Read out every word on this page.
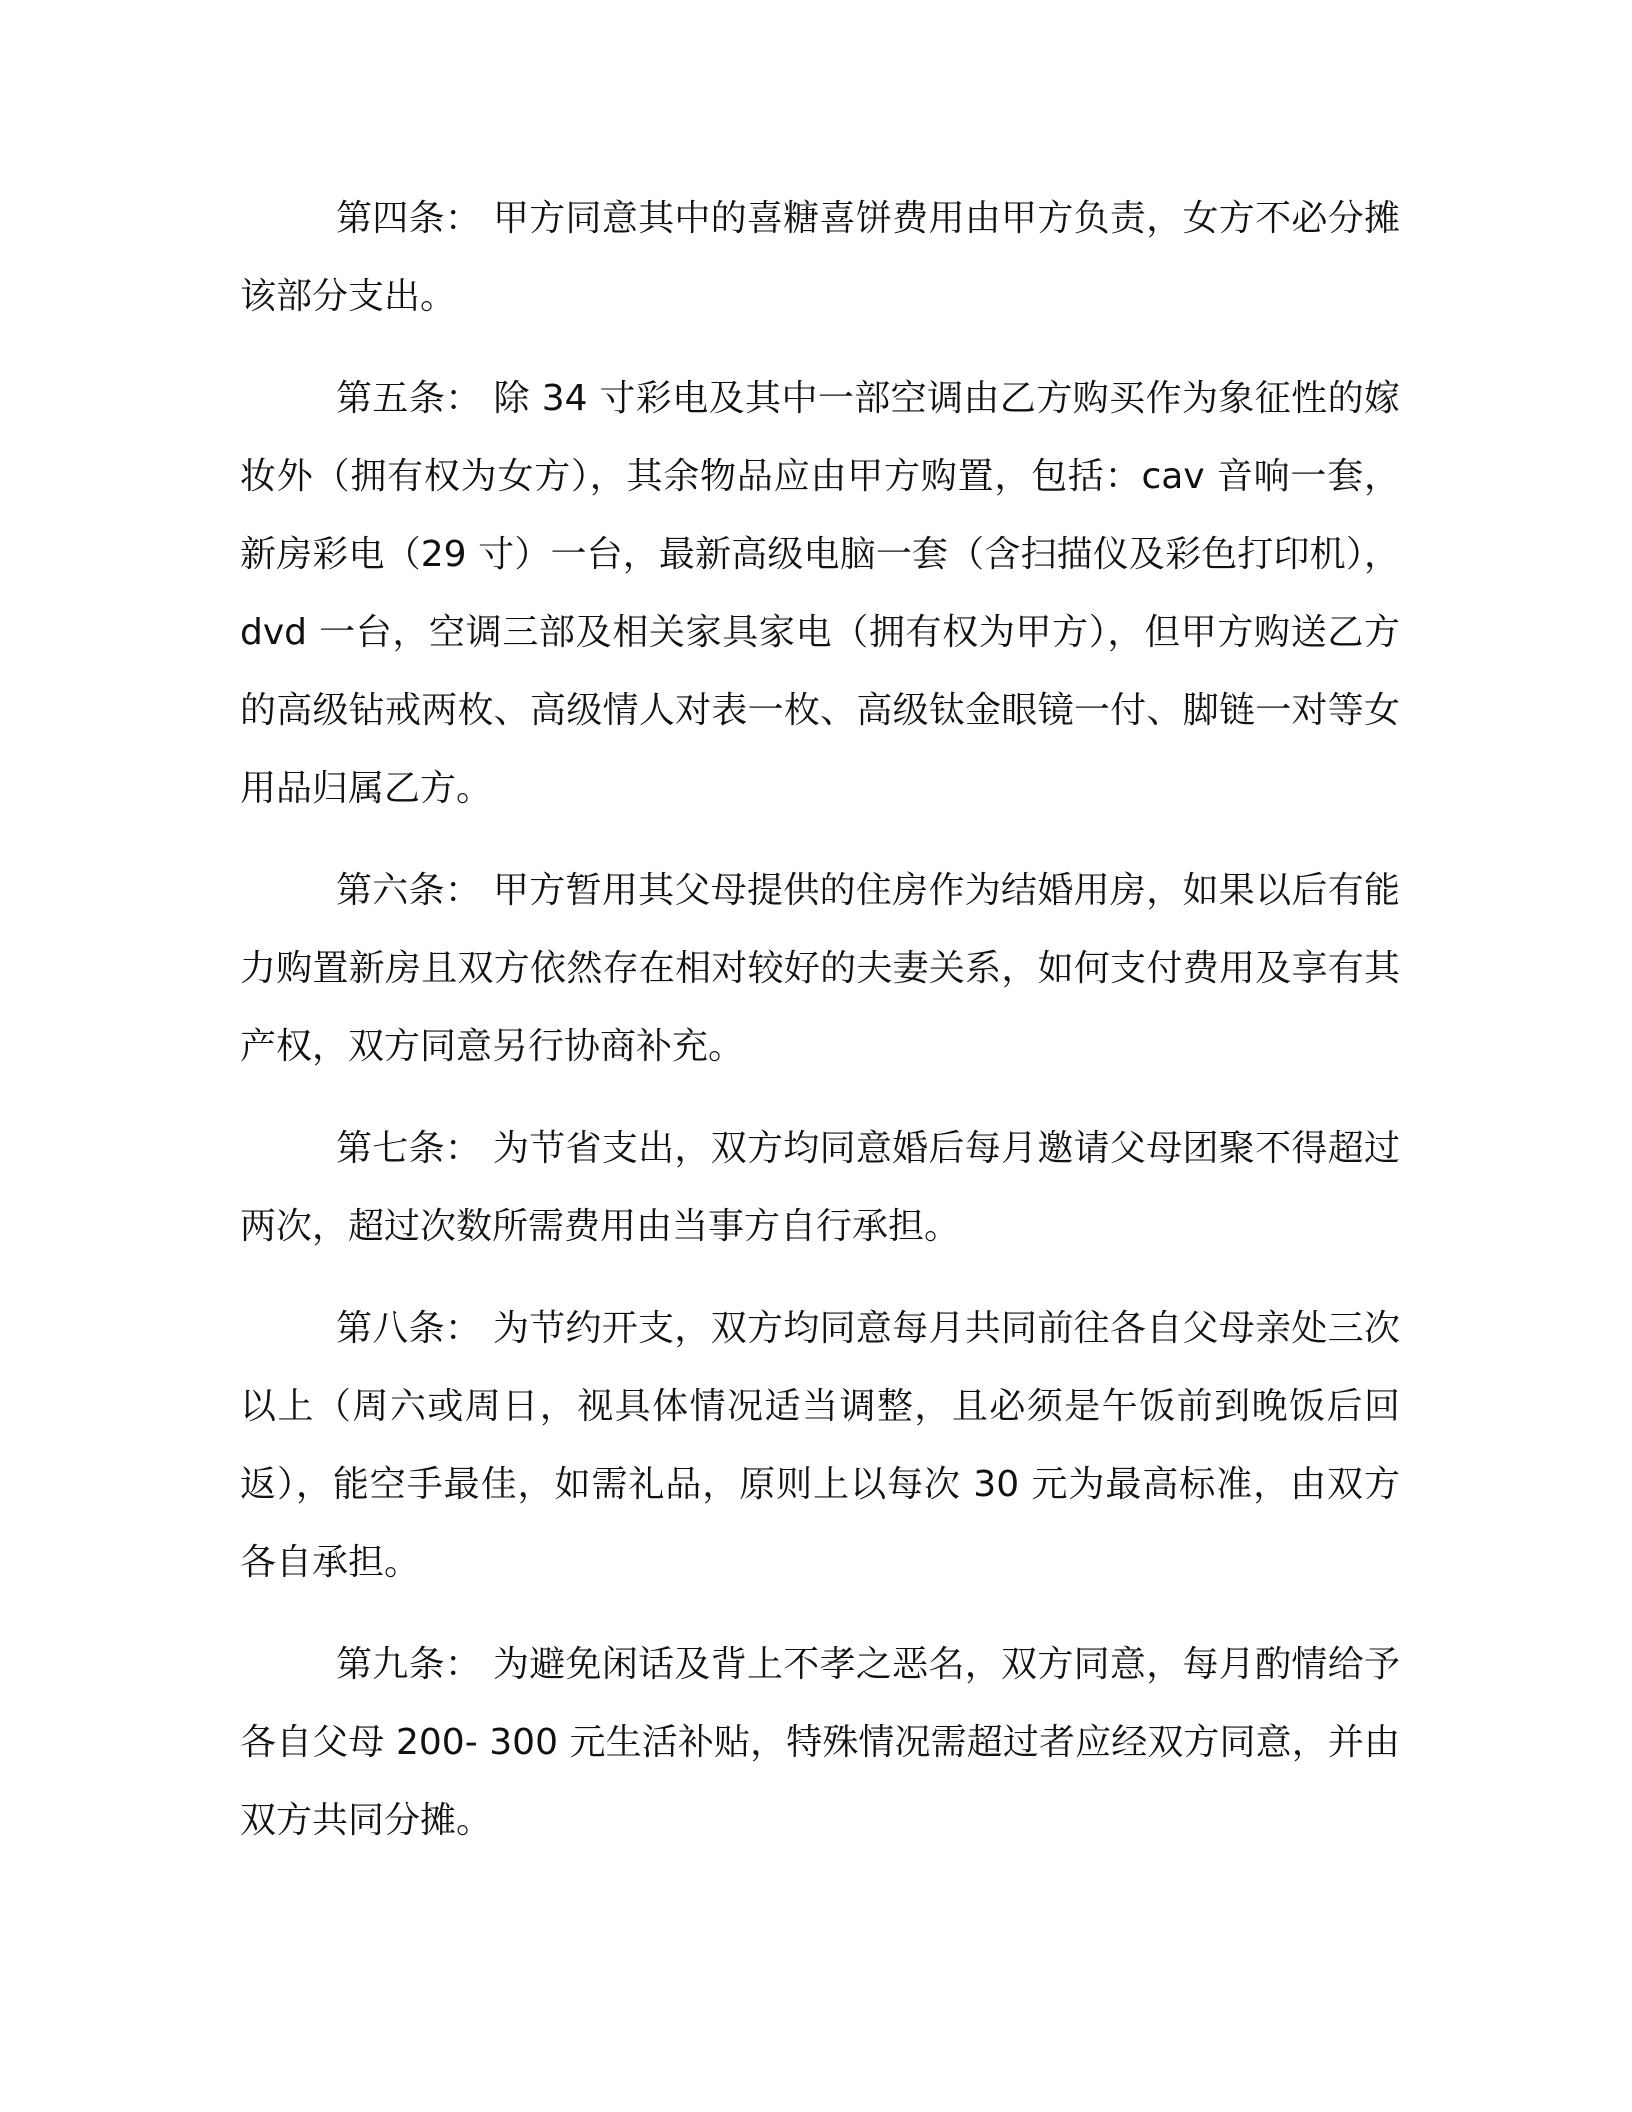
第四条： 甲方同意其中的喜糖喜饼费用由甲方负责，女方不必分摊该部分支出。

第五条： 除 34 寸彩电及其中一部空调由乙方购买作为象征性的嫁妆外（拥有权为女方），其余物品应由甲方购置，包括：cav 音响一套，新房彩电（29 寸）一台，最新高级电脑一套（含扫描仪及彩色打印机），dvd 一台，空调三部及相关家具家电（拥有权为甲方），但甲方购送乙方的高级钻戒两枚、高级情人对表一枚、高级钛金眼镜一付、脚链一对等女用品归属乙方。

第六条： 甲方暂用其父母提供的住房作为结婚用房，如果以后有能力购置新房且双方依然存在相对较好的夫妻关系，如何支付费用及享有其产权，双方同意另行协商补充。

第七条： 为节省支出，双方均同意婚后每月邀请父母团聚不得超过两次，超过次数所需费用由当事方自行承担。

第八条： 为节约开支，双方均同意每月共同前往各自父母亲处三次以上（周六或周日，视具体情况适当调整，且必须是午饭前到晚饭后回返），能空手最佳，如需礼品，原则上以每次 30 元为最高标准，由双方各自承担。

第九条： 为避免闲话及背上不孝之恶名，双方同意，每月酌情给予各自父母 200- 300 元生活补贴，特殊情况需超过者应经双方同意，并由双方共同分摊。
